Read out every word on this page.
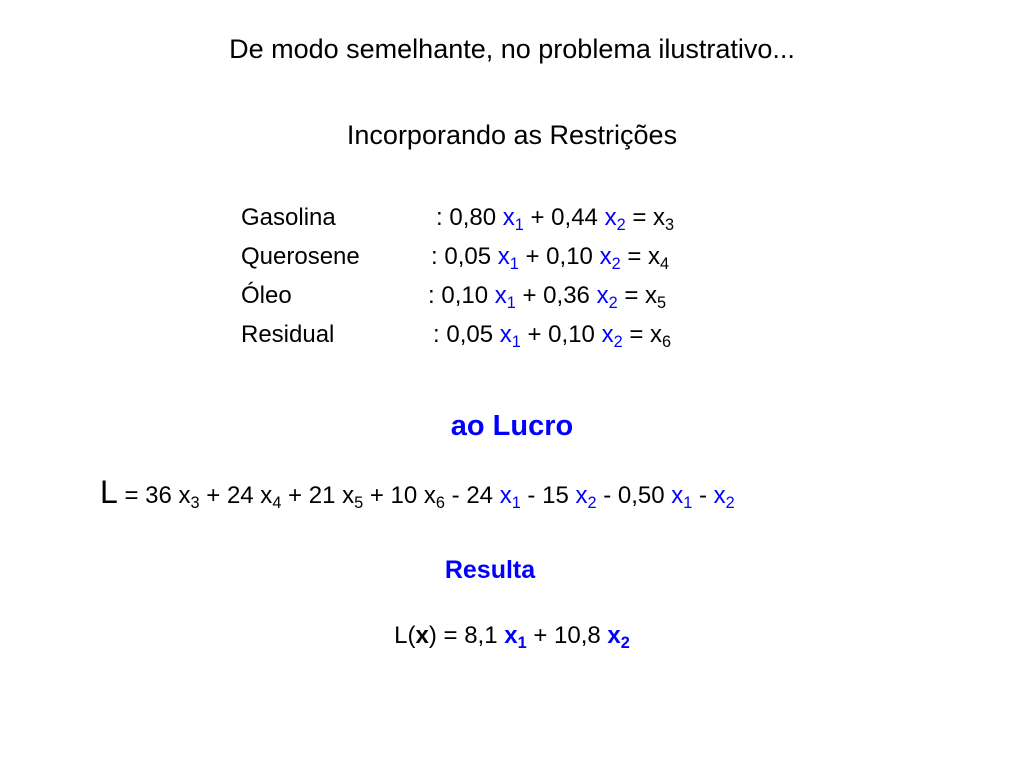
De modo semelhante, no problema ilustrativo...
Incorporando as Restrições
Gasolina	: 0,80 $x_1 + 0,44$ $x_2 = x_3$
Querosene	: 0,05 $x_1 + 0,10$ $x_2 = x_4$
Óleo	: 0,10 $x_1 + 0,36$ $x_2 = x_5$
Residual	: 0,05 $x_1 + 0,10$ $x_2 = x_6$
ao Lucro
L = 36 $x_3 + 24$ $x_4 + 21$ $x_5 + 10$ $x_6 - 24$ $x_1 - 15$ $x_2 - 0,50$ $x_1 - x_2$
Resulta
L(x) = 8,1 $x_1 + 10,8$ $x_2$
